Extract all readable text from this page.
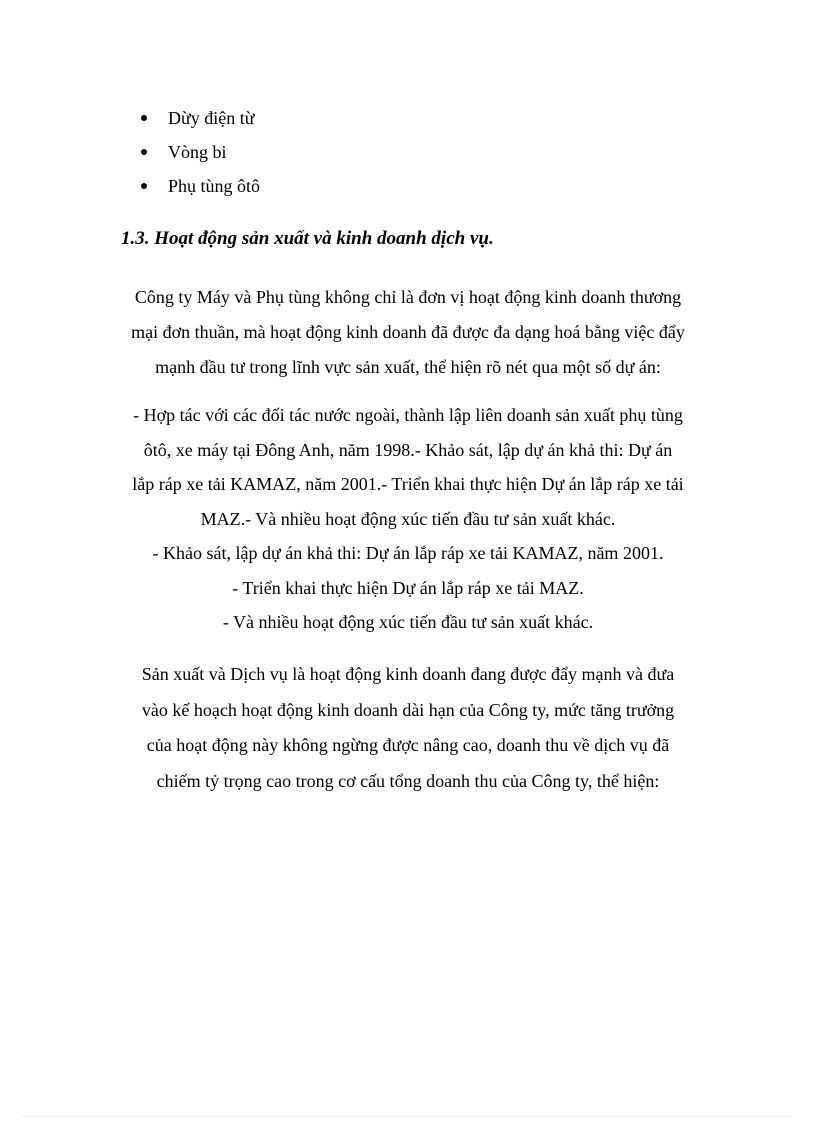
Dừy điện từ
Vòng bi
Phụ tùng ôtô
1.3. Hoạt động sản xuất và kinh doanh dịch vụ.

Công ty Máy và Phụ tùng không chỉ là đơn vị hoạt động kinh doanh thương
mại đơn thuần, mà hoạt động kinh doanh đã được đa dạng hoá bằng việc đẩy
mạnh đầu tư trong lĩnh vực sản xuất, thể hiện rõ nét qua một số dự án:

- Hợp tác với các đối tác nước ngoài, thành lập liên doanh sản xuất phụ tùng
ôtô, xe máy tại Đông Anh, năm 1998.- Khảo sát, lập dự án khả thi: Dự án
lắp ráp xe tải KAMAZ, năm 2001.- Triển khai thực hiện Dự án lắp ráp xe tải
MAZ.- Và nhiều hoạt động xúc tiến đầu tư sản xuất khác.
- Khảo sát, lập dự án khả thi: Dự án lắp ráp xe tải KAMAZ, năm 2001.
- Triển khai thực hiện Dự án lắp ráp xe tải MAZ.
- Và nhiều hoạt động xúc tiến đầu tư sản xuất khác.

Sản xuất và Dịch vụ là hoạt động kinh doanh đang được đẩy mạnh và đưa
vào kế hoạch hoạt động kinh doanh dài hạn của Công ty, mức tăng trưởng
của hoạt động này không ngừng được nâng cao, doanh thu về dịch vụ đã
chiếm tỷ trọng cao trong cơ cấu tổng doanh thu của Công ty, thể hiện:
